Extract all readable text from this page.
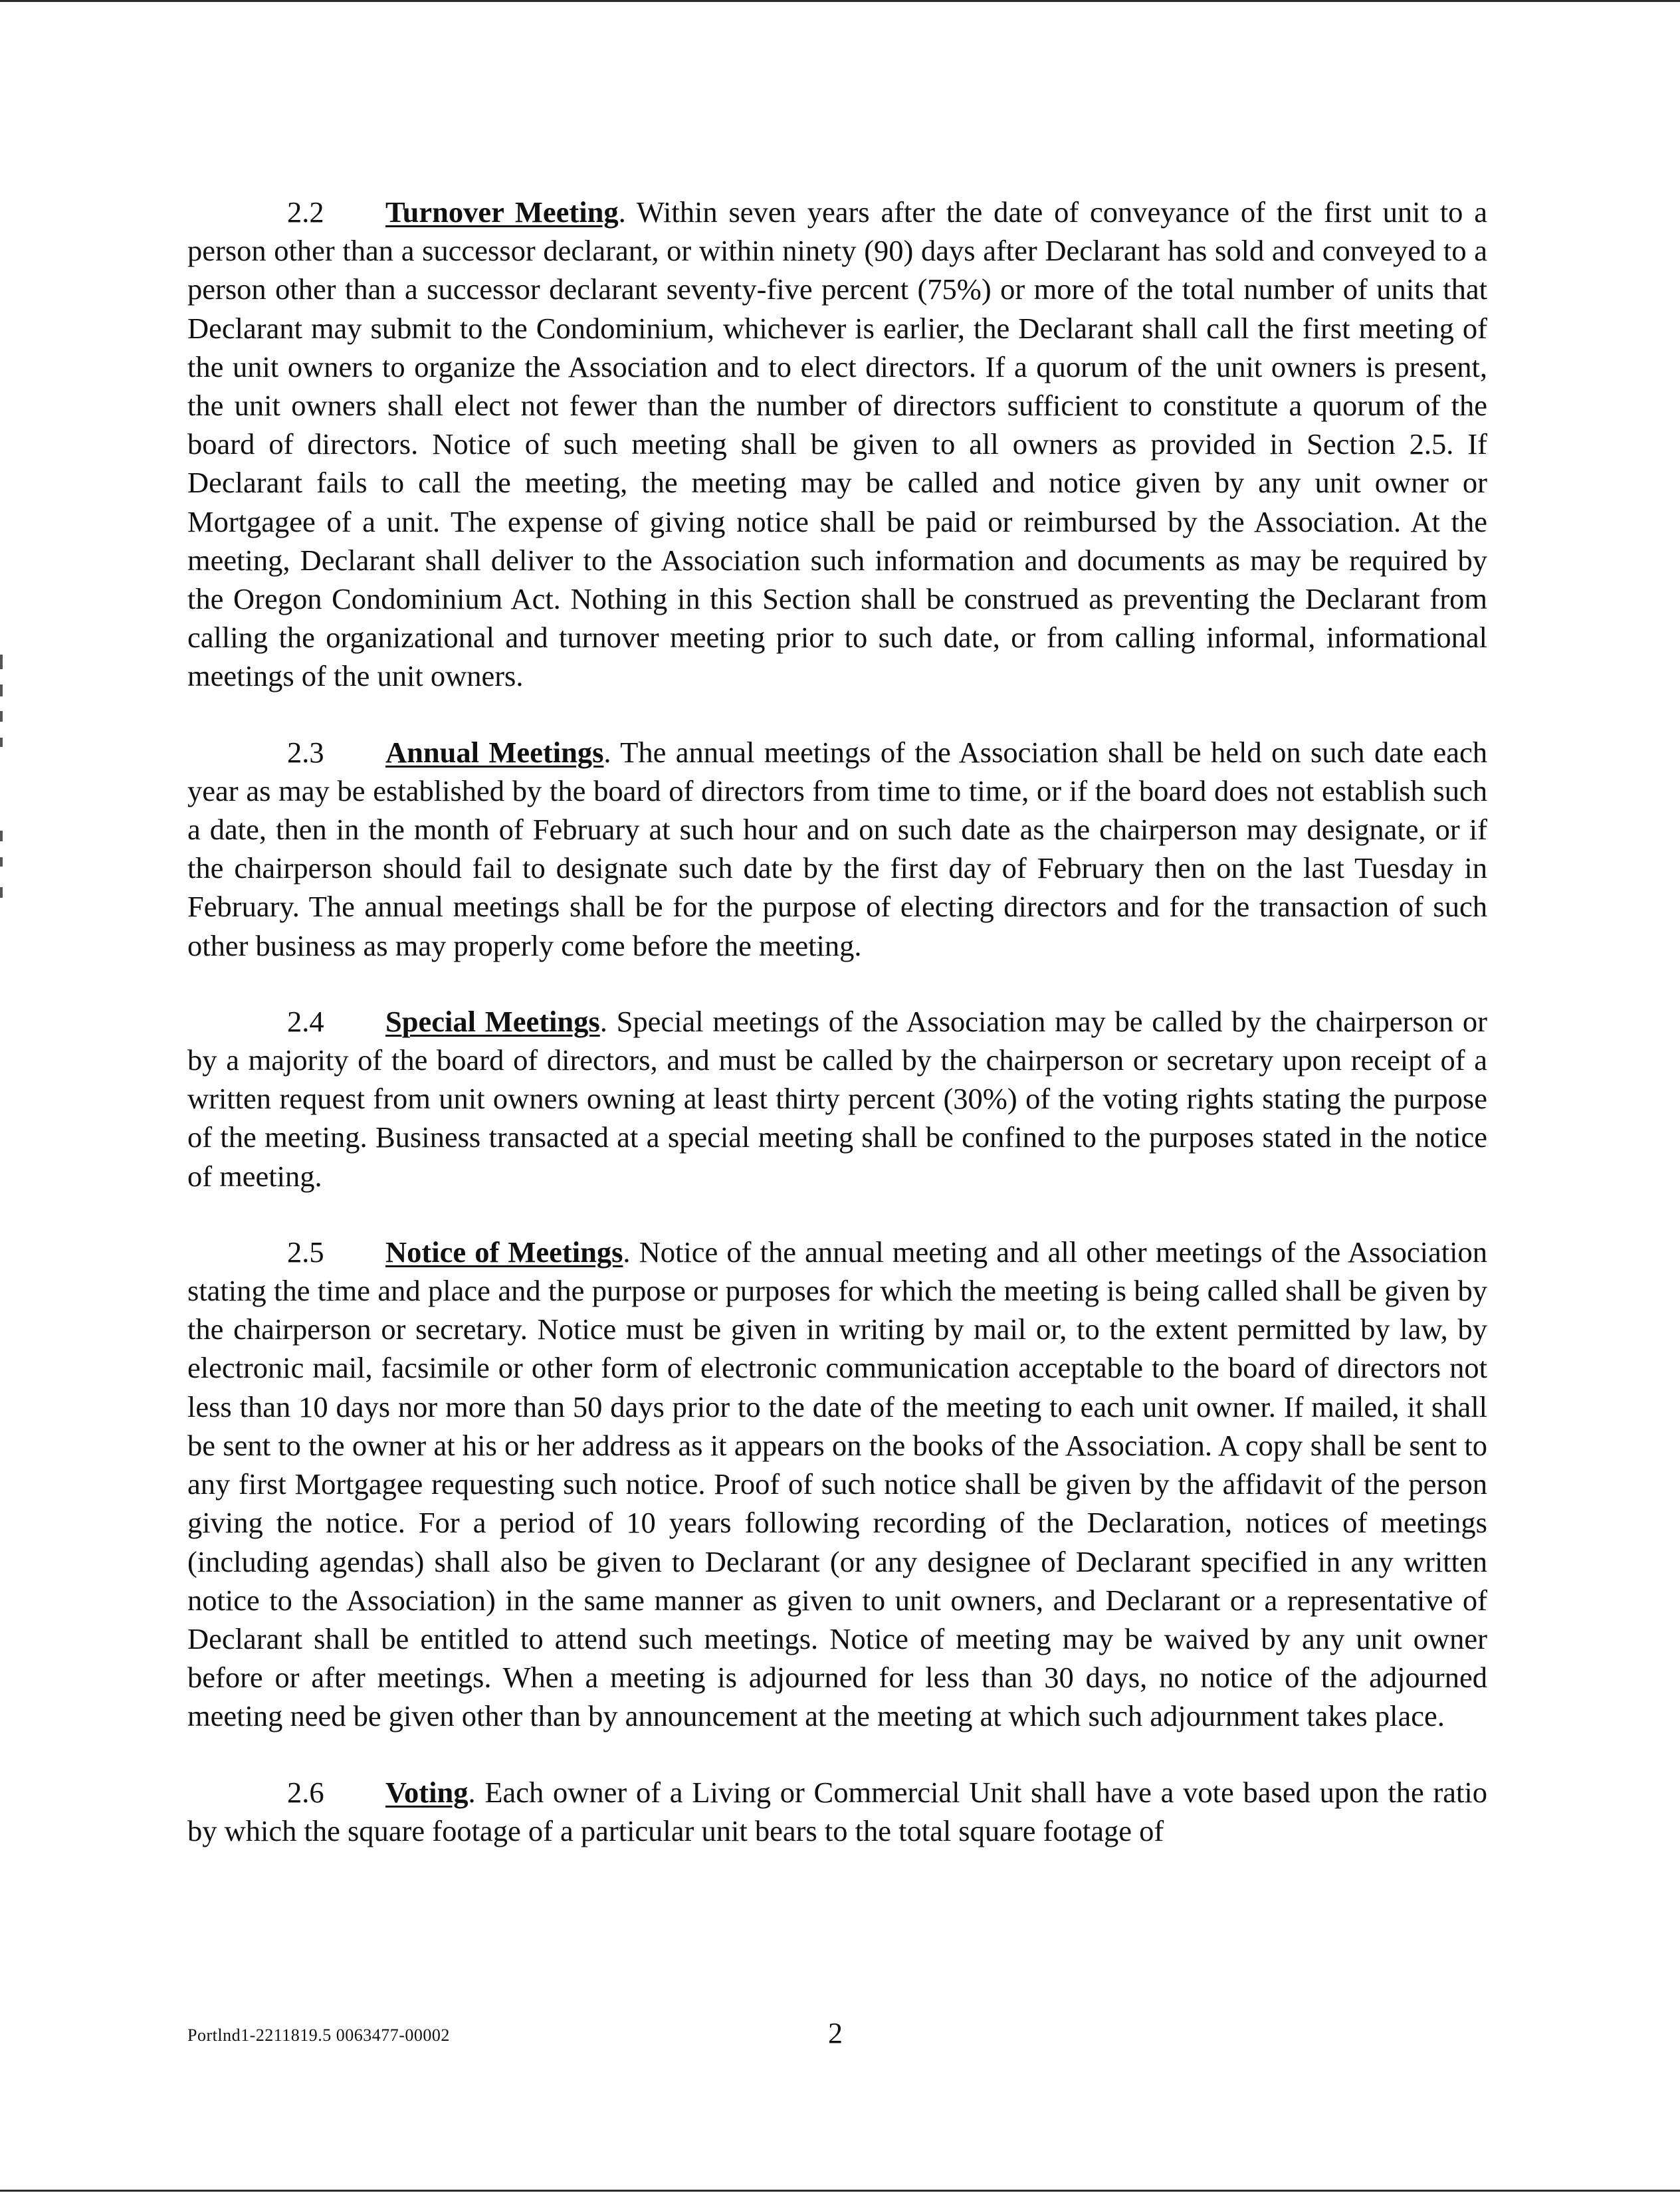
2.2 Turnover Meeting. Within seven years after the date of conveyance of the first unit to a person other than a successor declarant, or within ninety (90) days after Declarant has sold and conveyed to a person other than a successor declarant seventy-five percent (75%) or more of the total number of units that Declarant may submit to the Condominium, whichever is earlier, the Declarant shall call the first meeting of the unit owners to organize the Association and to elect directors. If a quorum of the unit owners is present, the unit owners shall elect not fewer than the number of directors sufficient to constitute a quorum of the board of directors. Notice of such meeting shall be given to all owners as provided in Section 2.5. If Declarant fails to call the meeting, the meeting may be called and notice given by any unit owner or Mortgagee of a unit. The expense of giving notice shall be paid or reimbursed by the Association. At the meeting, Declarant shall deliver to the Association such information and documents as may be required by the Oregon Condominium Act. Nothing in this Section shall be construed as preventing the Declarant from calling the organizational and turnover meeting prior to such date, or from calling informal, informational meetings of the unit owners.

2.3 Annual Meetings. The annual meetings of the Association shall be held on such date each year as may be established by the board of directors from time to time, or if the board does not establish such a date, then in the month of February at such hour and on such date as the chairperson may designate, or if the chairperson should fail to designate such date by the first day of February then on the last Tuesday in February. The annual meetings shall be for the purpose of electing directors and for the transaction of such other business as may properly come before the meeting.

2.4 Special Meetings. Special meetings of the Association may be called by the chairperson or by a majority of the board of directors, and must be called by the chairperson or secretary upon receipt of a written request from unit owners owning at least thirty percent (30%) of the voting rights stating the purpose of the meeting. Business transacted at a special meeting shall be confined to the purposes stated in the notice of meeting.

2.5 Notice of Meetings. Notice of the annual meeting and all other meetings of the Association stating the time and place and the purpose or purposes for which the meeting is being called shall be given by the chairperson or secretary. Notice must be given in writing by mail or, to the extent permitted by law, by electronic mail, facsimile or other form of electronic communication acceptable to the board of directors not less than 10 days nor more than 50 days prior to the date of the meeting to each unit owner. If mailed, it shall be sent to the owner at his or her address as it appears on the books of the Association. A copy shall be sent to any first Mortgagee requesting such notice. Proof of such notice shall be given by the affidavit of the person giving the notice. For a period of 10 years following recording of the Declaration, notices of meetings (including agendas) shall also be given to Declarant (or any designee of Declarant specified in any written notice to the Association) in the same manner as given to unit owners, and Declarant or a representative of Declarant shall be entitled to attend such meetings. Notice of meeting may be waived by any unit owner before or after meetings. When a meeting is adjourned for less than 30 days, no notice of the adjourned meeting need be given other than by announcement at the meeting at which such adjournment takes place.

2.6 Voting. Each owner of a Living or Commercial Unit shall have a vote based upon the ratio by which the square footage of a particular unit bears to the total square footage of

Portlnd1-2211819.5 0063477-00002	2
